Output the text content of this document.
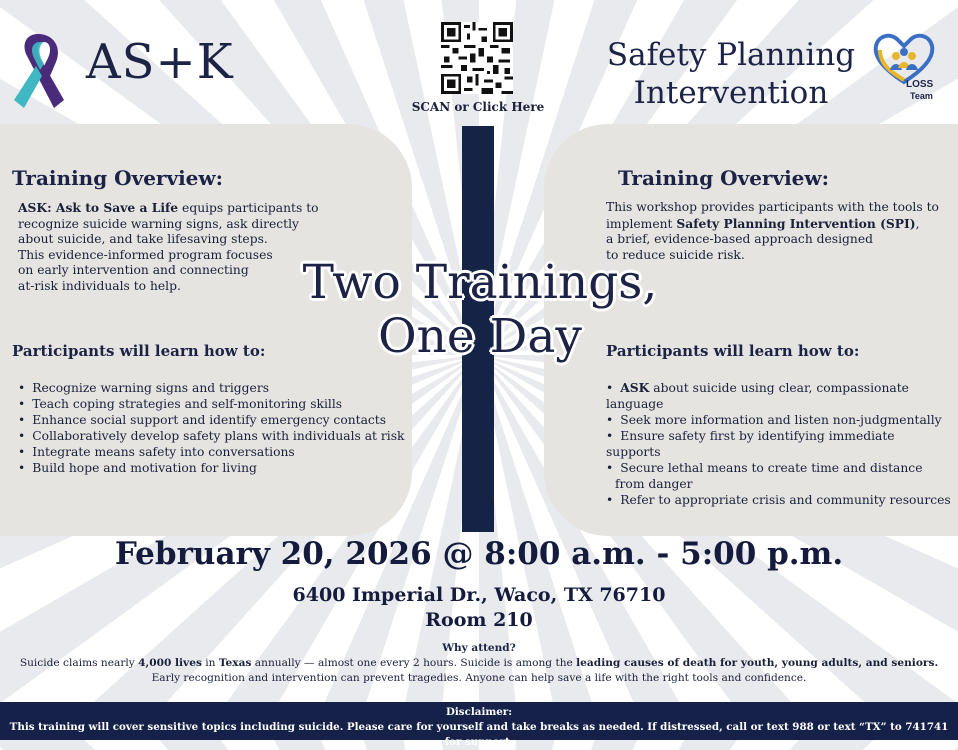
AS+K
SCAN or Click Here
Safety Planning
Intervention	LOSS
Team
Training Overview:
ASK: Ask to Save a Life equips participants to
recognize suicide warning signs, ask directly
about suicide, and take lifesaving steps.
This evidence-informed program focuses
on early intervention and connecting
at-risk individuals to help.
Participants will learn how to:
• Recognize warning signs and triggers
• Teach coping strategies and self-monitoring skills
• Enhance social support and identify emergency contacts
• Collaboratively develop safety plans with individuals at risk
• Integrate means safety into conversations
• Build hope and motivation for living
Training Overview:
This workshop provides participants with the tools to
implement Safety Planning Intervention (SPI),
a brief, evidence-based approach designed
to reduce suicide risk.
Participants will learn how to:
• ASK about suicide using clear, compassionate language
• Seek more information and listen non-judgmentally
• Ensure safety first by identifying immediate supports
• Secure lethal means to create time and distance
from danger
• Refer to appropriate crisis and community resources
Two Trainings,
One Day
February 20, 2026 @ 8:00 a.m. - 5:00 p.m.
6400 Imperial Dr., Waco, TX 76710
Room 210
Why attend?
Suicide claims nearly 4,000 lives in Texas annually — almost one every 2 hours. Suicide is among the leading causes of death for youth, young adults, and seniors.
Early recognition and intervention can prevent tragedies. Anyone can help save a life with the right tools and confidence.
Disclaimer:
This training will cover sensitive topics including suicide. Please care for yourself and take breaks as needed. If distressed, call or text 988 or text “TX” to 741741 for support.
